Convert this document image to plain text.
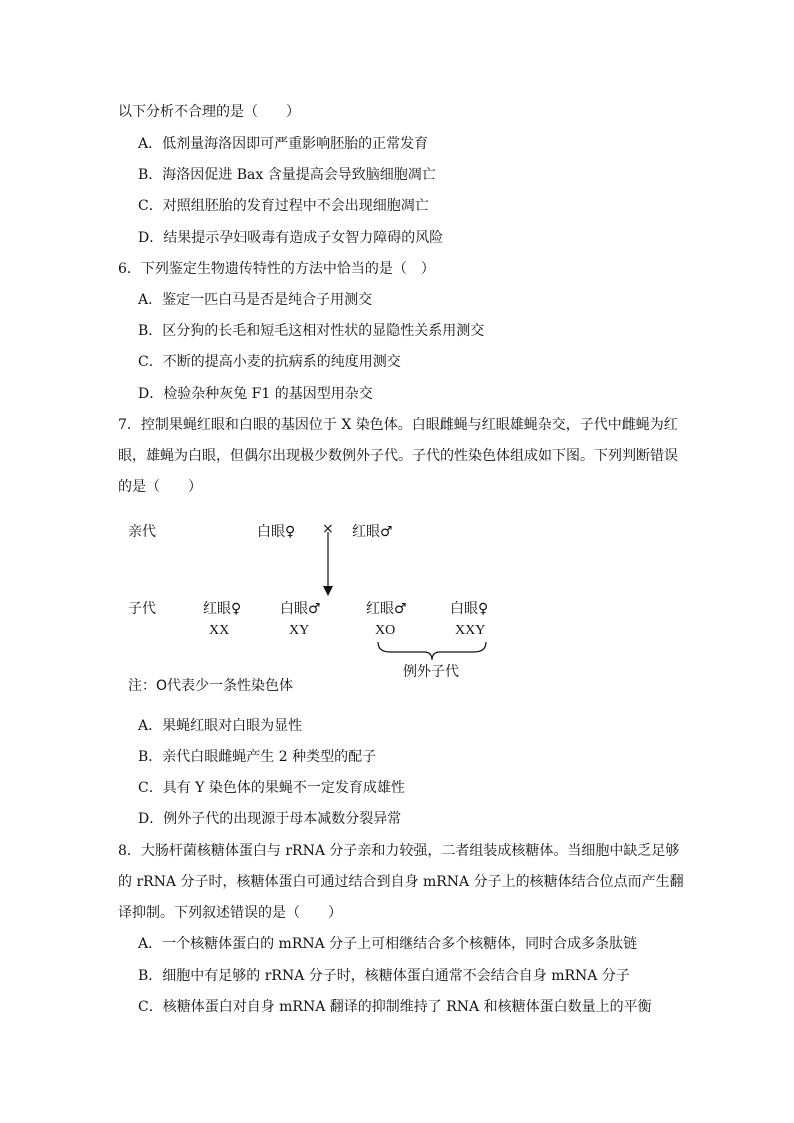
以下分析不合理的是（　　）
A．低剂量海洛因即可严重影响胚胎的正常发育
B．海洛因促进 Bax 含量提高会导致脑细胞凋亡
C．对照组胚胎的发育过程中不会出现细胞凋亡
D．结果提示孕妇吸毒有造成子女智力障碍的风险
6．下列鉴定生物遗传特性的方法中恰当的是（　）
A．鉴定一匹白马是否是纯合子用测交
B．区分狗的长毛和短毛这相对性状的显隐性关系用测交
C．不断的提高小麦的抗病系的纯度用测交
D．检验杂种灰兔 F1 的基因型用杂交
7．控制果蝇红眼和白眼的基因位于 X 染色体。白眼雌蝇与红眼雄蝇杂交，子代中雌蝇为红
眼，雄蝇为白眼，但偶尔出现极少数例外子代。子代的性染色体组成如下图。下列判断错误
的是（　　）
亲代	白眼♀ × 红眼♂
子代	红眼♀	白眼♂	红眼♂	白眼♀
XX	XY	XO	XXY
例外子代
注：O代表少一条性染色体
A．果蝇红眼对白眼为显性
B．亲代白眼雌蝇产生 2 种类型的配子
C．具有 Y 染色体的果蝇不一定发育成雄性
D．例外子代的出现源于母本减数分裂异常
8．大肠杆菌核糖体蛋白与 rRNA 分子亲和力较强，二者组装成核糖体。当细胞中缺乏足够
的 rRNA 分子时，核糖体蛋白可通过结合到自身 mRNA 分子上的核糖体结合位点而产生翻
译抑制。下列叙述错误的是（　　）
A．一个核糖体蛋白的 mRNA 分子上可相继结合多个核糖体，同时合成多条肽链
B．细胞中有足够的 rRNA 分子时，核糖体蛋白通常不会结合自身 mRNA 分子
C．核糖体蛋白对自身 mRNA 翻译的抑制维持了 RNA 和核糖体蛋白数量上的平衡
